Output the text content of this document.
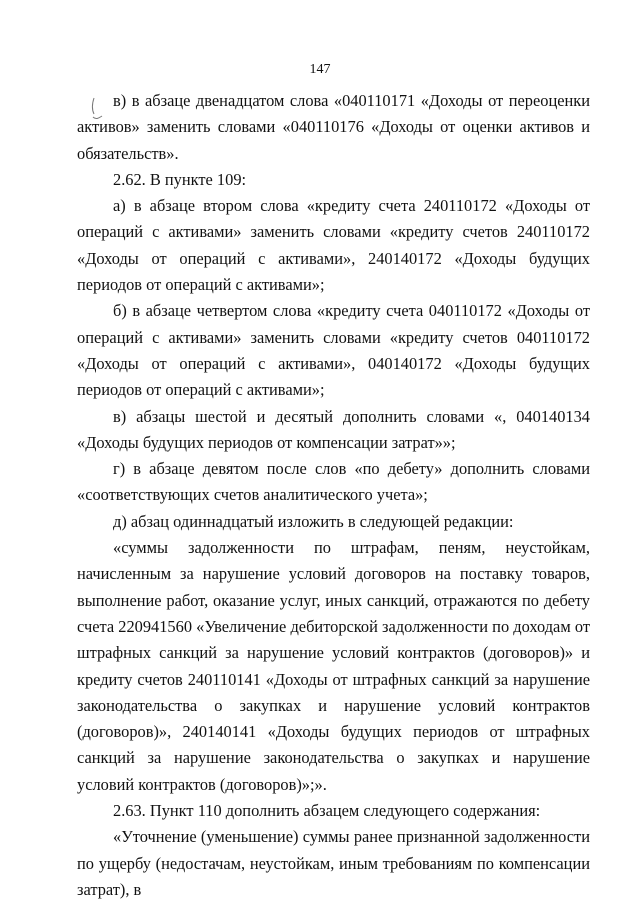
147

в) в абзаце двенадцатом слова «040110171 «Доходы от переоценки активов» заменить словами «040110176 «Доходы от оценки активов и обязательств».

2.62. В пункте 109:

а) в абзаце втором слова «кредиту счета 240110172 «Доходы от операций с активами» заменить словами «кредиту счетов 240110172 «Доходы от операций с активами», 240140172 «Доходы будущих периодов от операций с активами»;

б) в абзаце четвертом слова «кредиту счета 040110172 «Доходы от операций с активами» заменить словами «кредиту счетов 040110172 «Доходы от операций с активами», 040140172 «Доходы будущих периодов от операций с активами»;

в) абзацы шестой и десятый дополнить словами «, 040140134 «Доходы будущих периодов от компенсации затрат»»;

г) в абзаце девятом после слов «по дебету» дополнить словами «соответствующих счетов аналитического учета»;

д) абзац одиннадцатый изложить в следующей редакции:

«суммы задолженности по штрафам, пеням, неустойкам, начисленным за нарушение условий договоров на поставку товаров, выполнение работ, оказание услуг, иных санкций, отражаются по дебету счета 220941560 «Увеличение дебиторской задолженности по доходам от штрафных санкций за нарушение условий контрактов (договоров)» и кредиту счетов 240110141 «Доходы от штрафных санкций за нарушение законодательства о закупках и нарушение условий контрактов (договоров)», 240140141 «Доходы будущих периодов от штрафных санкций за нарушение законодательства о закупках и нарушение условий контрактов (договоров)»;».

2.63. Пункт 110 дополнить абзацем следующего содержания:

«Уточнение (уменьшение) суммы ранее признанной задолженности по ущербу (недостачам, неустойкам, иным требованиям по компенсации затрат), в
